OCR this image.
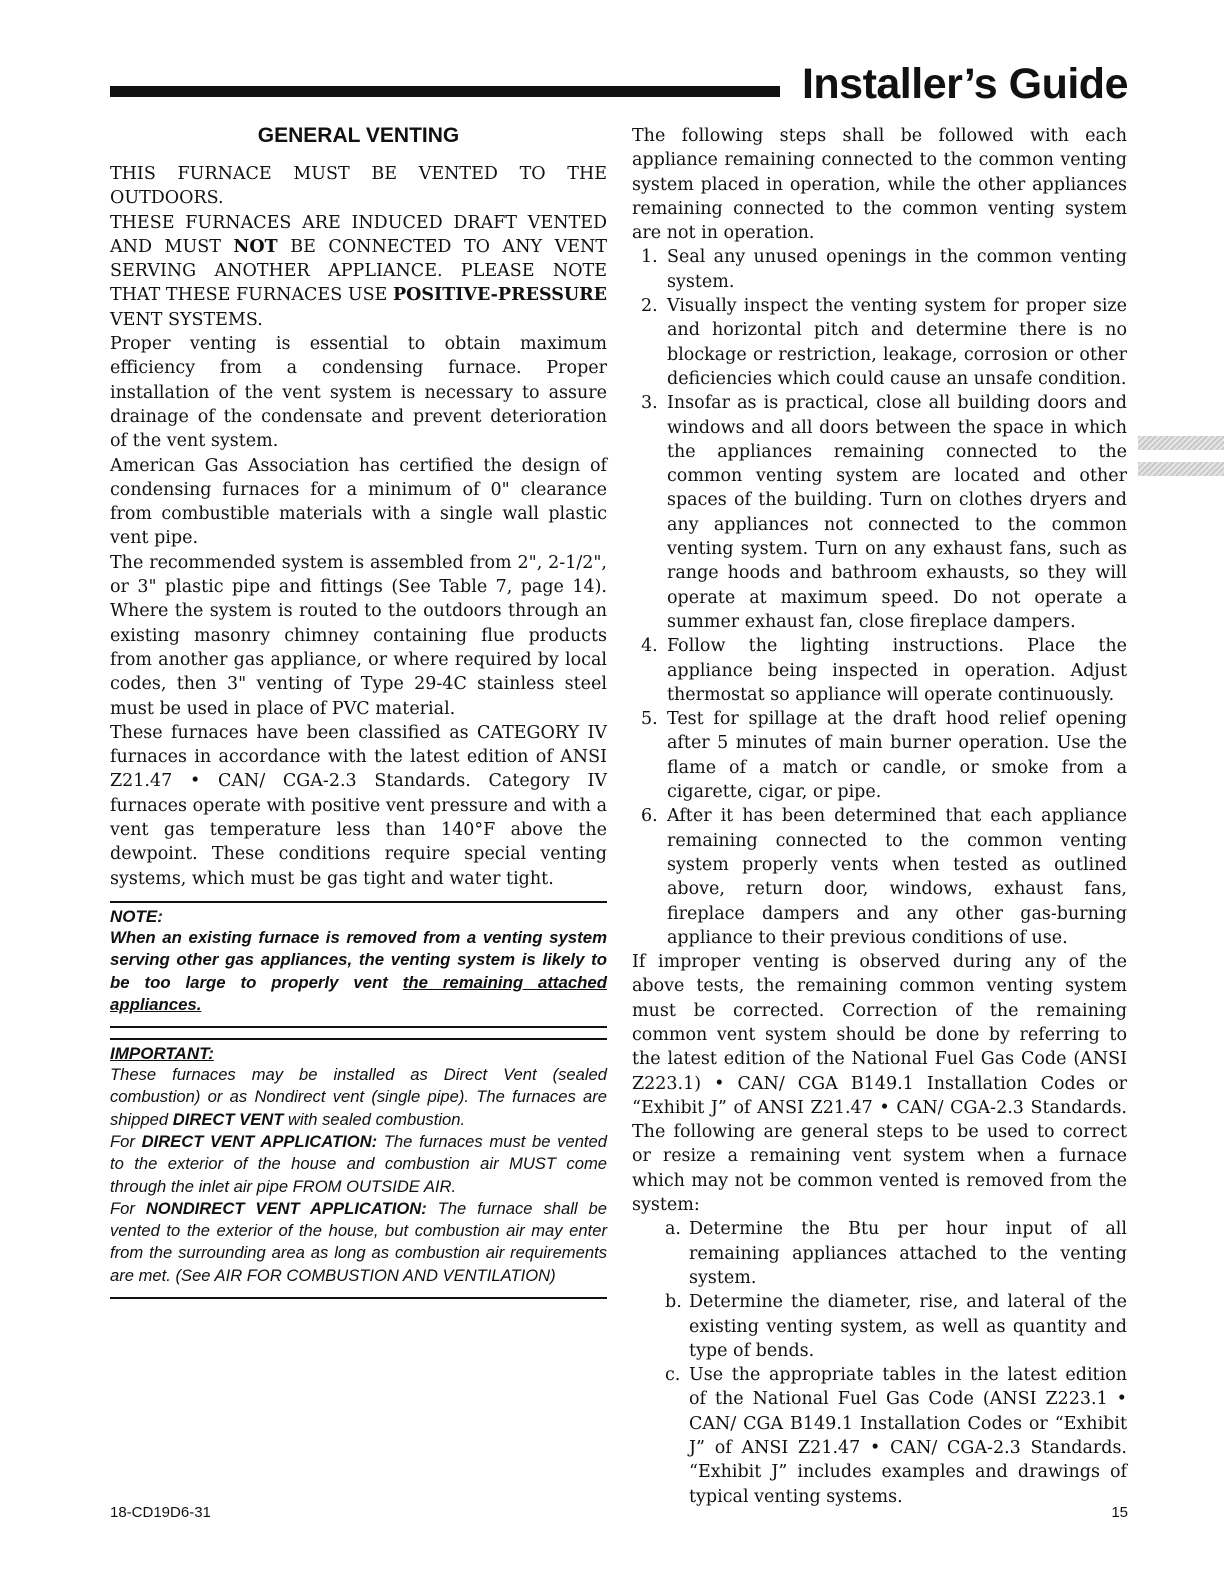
Installer’s Guide
GENERAL VENTING

THIS FURNACE MUST BE VENTED TO THE OUTDOORS.

THESE FURNACES ARE INDUCED DRAFT VENTED AND MUST NOT BE CONNECTED TO ANY VENT SERVING ANOTHER APPLIANCE. PLEASE NOTE THAT THESE FURNACES USE POSITIVE-PRESSURE VENT SYSTEMS.

Proper venting is essential to obtain maximum efficiency from a condensing furnace. Proper installation of the vent system is necessary to assure drainage of the condensate and prevent deterioration of the vent system.

American Gas Association has certified the design of condensing furnaces for a minimum of 0" clearance from combustible materials with a single wall plastic vent pipe.

The recommended system is assembled from 2", 2-1/2", or 3" plastic pipe and fittings (See Table 7, page 14). Where the system is routed to the outdoors through an existing masonry chimney containing flue products from another gas appliance, or where required by local codes, then 3" venting of Type 29-4C stainless steel must be used in place of PVC material.

These furnaces have been classified as CATEGORY IV furnaces in accordance with the latest edition of ANSI Z21.47 • CAN/ CGA-2.3 Standards. Category IV furnaces operate with positive vent pressure and with a vent gas temperature less than 140°F above the dewpoint. These conditions require special venting systems, which must be gas tight and water tight.

NOTE:

When an existing furnace is removed from a venting system serving other gas appliances, the venting system is likely to be too large to properly vent the remaining attached appliances.

IMPORTANT:

These furnaces may be installed as Direct Vent (sealed combustion) or as Nondirect vent (single pipe). The furnaces are shipped DIRECT VENT with sealed combustion.

For DIRECT VENT APPLICATION: The furnaces must be vented to the exterior of the house and combustion air MUST come through the inlet air pipe FROM OUTSIDE AIR.

For NONDIRECT VENT APPLICATION: The furnace shall be vented to the exterior of the house, but combustion air may enter from the surrounding area as long as combustion air requirements are met. (See AIR FOR COMBUSTION AND VENTILATION)

The following steps shall be followed with each appliance remaining connected to the common venting system placed in operation, while the other appliances remaining connected to the common venting system are not in operation.

1. Seal any unused openings in the common venting system.
2. Visually inspect the venting system for proper size and horizontal pitch and determine there is no blockage or restriction, leakage, corrosion or other deficiencies which could cause an unsafe condition.
3. Insofar as is practical, close all building doors and windows and all doors between the space in which the appliances remaining connected to the common venting system are located and other spaces of the building. Turn on clothes dryers and any appliances not connected to the common venting system. Turn on any exhaust fans, such as range hoods and bathroom exhausts, so they will operate at maximum speed. Do not operate a summer exhaust fan, close fireplace dampers.
4. Follow the lighting instructions. Place the appliance being inspected in operation. Adjust thermostat so appliance will operate continuously.
5. Test for spillage at the draft hood relief opening after 5 minutes of main burner operation. Use the flame of a match or candle, or smoke from a cigarette, cigar, or pipe.
6. After it has been determined that each appliance remaining connected to the common venting system properly vents when tested as outlined above, return door, windows, exhaust fans, fireplace dampers and any other gas-burning appliance to their previous conditions of use.

If improper venting is observed during any of the above tests, the remaining common venting system must be corrected. Correction of the remaining common vent system should be done by referring to the latest edition of the National Fuel Gas Code (ANSI Z223.1) • CAN/ CGA B149.1 Installation Codes or “Exhibit J” of ANSI Z21.47 • CAN/ CGA-2.3 Standards. The following are general steps to be used to correct or resize a remaining vent system when a furnace which may not be common vented is removed from the system:

a. Determine the Btu per hour input of all remaining appliances attached to the venting system.
b. Determine the diameter, rise, and lateral of the existing venting system, as well as quantity and type of bends.
c. Use the appropriate tables in the latest edition of the National Fuel Gas Code (ANSI Z223.1 • CAN/ CGA B149.1 Installation Codes or “Exhibit J” of ANSI Z21.47 • CAN/ CGA-2.3 Standards. “Exhibit J” includes examples and drawings of typical venting systems.
18-CD19D6-31	15
